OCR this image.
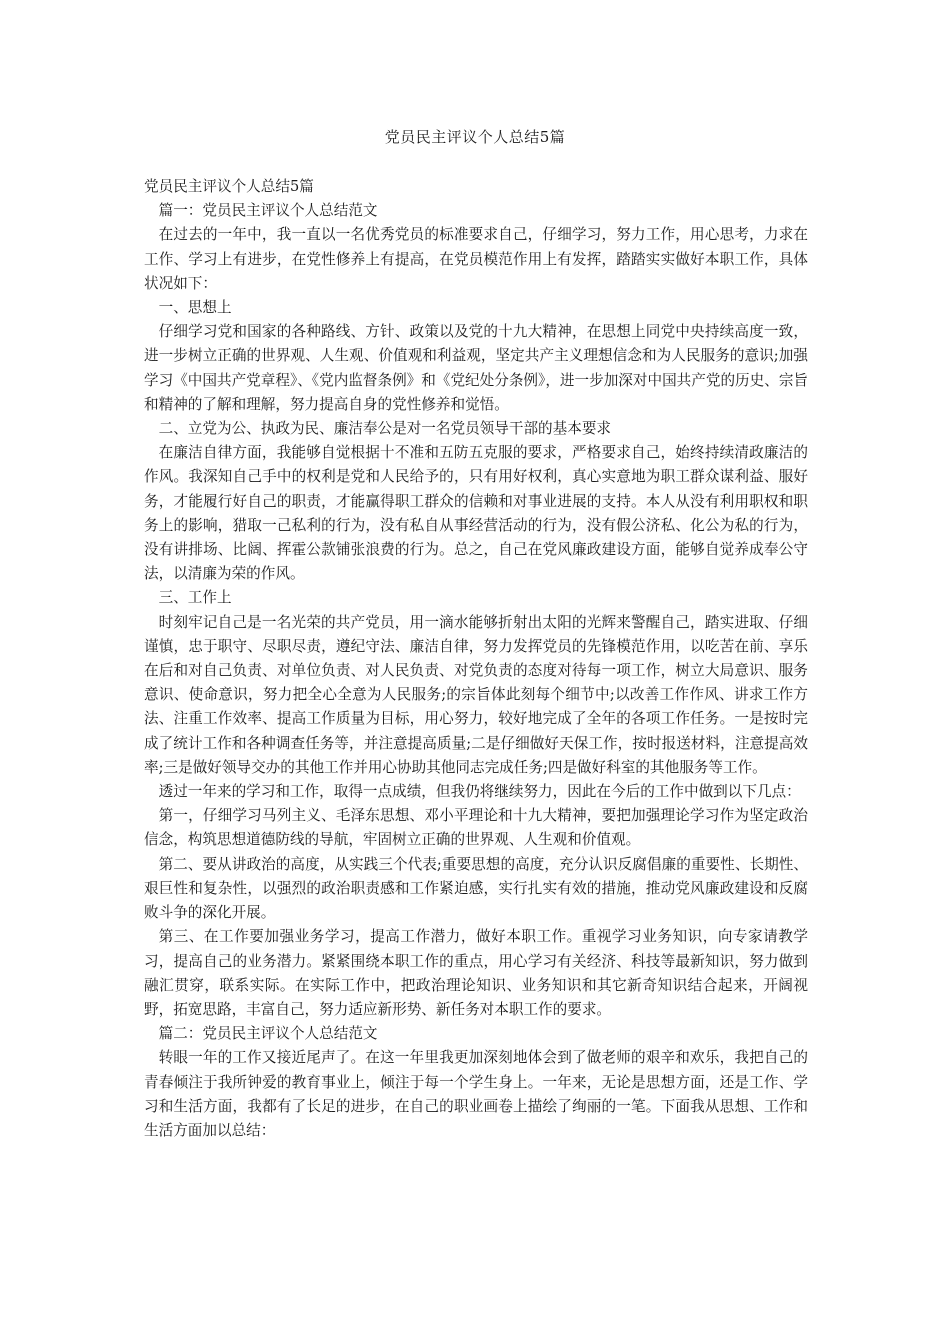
党员民主评议个人总结5篇

党员民主评议个人总结5篇

篇一：党员民主评议个人总结范文

在过去的一年中，我一直以一名优秀党员的标准要求自己，仔细学习，努力工作，用心思考，力求在工作、学习上有进步，在党性修养上有提高，在党员模范作用上有发挥，踏踏实实做好本职工作，具体状况如下：

一、思想上

仔细学习党和国家的各种路线、方针、政策以及党的十九大精神，在思想上同党中央持续高度一致，进一步树立正确的世界观、人生观、价值观和利益观，坚定共产主义理想信念和为人民服务的意识;加强学习《中国共产党章程》、《党内监督条例》和《党纪处分条例》，进一步加深对中国共产党的历史、宗旨和精神的了解和理解，努力提高自身的党性修养和觉悟。

二、立党为公、执政为民、廉洁奉公是对一名党员领导干部的基本要求

在廉洁自律方面，我能够自觉根据十不准和五防五克服的要求，严格要求自己，始终持续清政廉洁的作风。我深知自己手中的权利是党和人民给予的，只有用好权利，真心实意地为职工群众谋利益、服好务，才能履行好自己的职责，才能赢得职工群众的信赖和对事业进展的支持。本人从没有利用职权和职务上的影响，猎取一己私利的行为，没有私自从事经营活动的行为，没有假公济私、化公为私的行为，没有讲排场、比阔、挥霍公款铺张浪费的行为。总之，自己在党风廉政建设方面，能够自觉养成奉公守法，以清廉为荣的作风。

三、工作上

时刻牢记自己是一名光荣的共产党员，用一滴水能够折射出太阳的光辉来警醒自己，踏实进取、仔细谨慎，忠于职守、尽职尽责，遵纪守法、廉洁自律，努力发挥党员的先锋模范作用，以吃苦在前、享乐在后和对自己负责、对单位负责、对人民负责、对党负责的态度对待每一项工作，树立大局意识、服务意识、使命意识，努力把全心全意为人民服务;的宗旨体此刻每个细节中;以改善工作作风、讲求工作方法、注重工作效率、提高工作质量为目标，用心努力，较好地完成了全年的各项工作任务。一是按时完成了统计工作和各种调查任务等，并注意提高质量;二是仔细做好天保工作，按时报送材料，注意提高效率;三是做好领导交办的其他工作并用心协助其他同志完成任务;四是做好科室的其他服务等工作。

透过一年来的学习和工作，取得一点成绩，但我仍将继续努力，因此在今后的工作中做到以下几点：

第一，仔细学习马列主义、毛泽东思想、邓小平理论和十九大精神，要把加强理论学习作为坚定政治信念，构筑思想道德防线的导航，牢固树立正确的世界观、人生观和价值观。

第二、要从讲政治的高度，从实践三个代表;重要思想的高度，充分认识反腐倡廉的重要性、长期性、艰巨性和复杂性，以强烈的政治职责感和工作紧迫感，实行扎实有效的措施，推动党风廉政建设和反腐败斗争的深化开展。

第三、在工作要加强业务学习，提高工作潜力，做好本职工作。重视学习业务知识，向专家请教学习，提高自己的业务潜力。紧紧围绕本职工作的重点，用心学习有关经济、科技等最新知识，努力做到融汇贯穿，联系实际。在实际工作中，把政治理论知识、业务知识和其它新奇知识结合起来，开阔视野，拓宽思路，丰富自己，努力适应新形势、新任务对本职工作的要求。

篇二：党员民主评议个人总结范文

转眼一年的工作又接近尾声了。在这一年里我更加深刻地体会到了做老师的艰辛和欢乐，我把自己的青春倾注于我所钟爱的教育事业上，倾注于每一个学生身上。一年来，无论是思想方面，还是工作、学习和生活方面，我都有了长足的进步，在自己的职业画卷上描绘了绚丽的一笔。下面我从思想、工作和生活方面加以总结：
